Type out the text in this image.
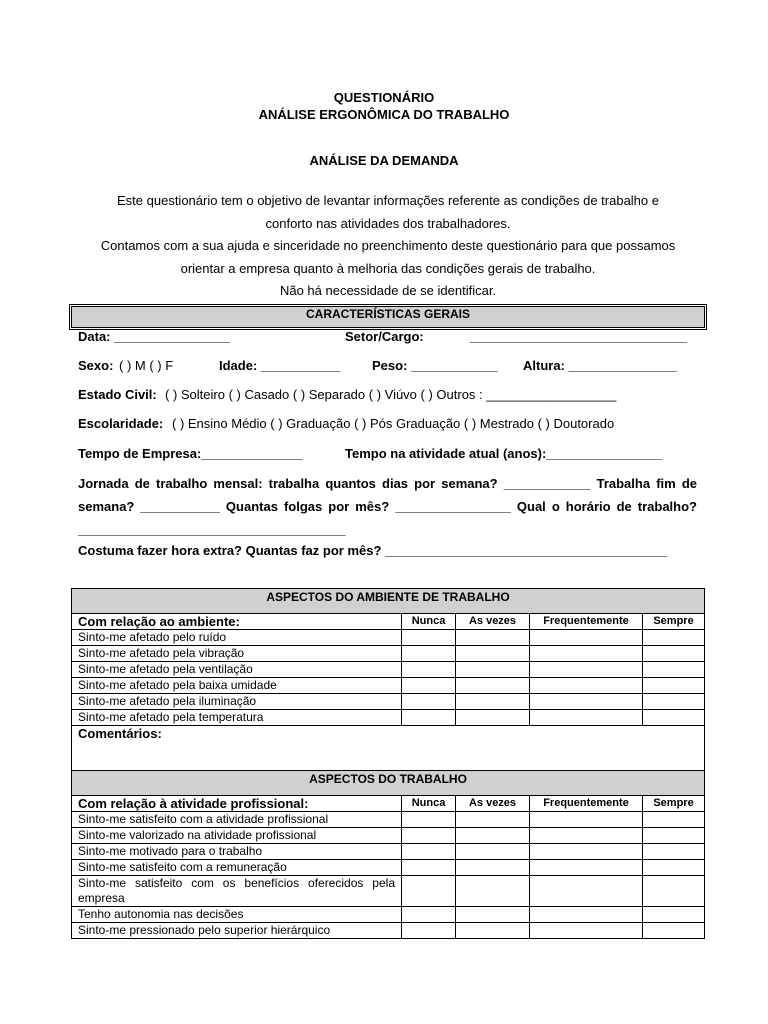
QUESTIONÁRIO
ANÁLISE ERGONÔMICA DO TRABALHO
ANÁLISE DA DEMANDA
Este questionário tem o objetivo de levantar informações referente as condições de trabalho e
conforto nas atividades dos trabalhadores.
Contamos com a sua ajuda e sinceridade no preenchimento deste questionário para que possamos
orientar a empresa quanto à melhoria das condições gerais de trabalho.
Não há necessidade de se identificar.
CARACTERÍSTICAS GERAIS
Data: ________________	Setor/Cargo:	______________________________
Sexo: ( ) M ( ) F	Idade: ___________ Peso: ____________ Altura: _______________
Estado Civil: ( ) Solteiro ( ) Casado ( ) Separado ( ) Viúvo ( ) Outros : __________________
Escolaridade: ( ) Ensino Médio ( ) Graduação ( ) Pós Graduação ( ) Mestrado ( ) Doutorado
Tempo de Empresa:______________	Tempo na atividade atual (anos):________________
Jornada de trabalho mensal: trabalha quantos dias por semana? ____________ Trabalha fim de semana? ___________ Quantas folgas por mês? ________________ Qual o horário de trabalho? _____________________________________
Costuma fazer hora extra? Quantas faz por mês? _______________________________________
ASPECTOS DO AMBIENTE DE TRABALHO				
Com relação ao ambiente:	Nunca	As vezes	Frequentemente	Sempre
Sinto-me afetado pelo ruído				
Sinto-me afetado pela vibração				
Sinto-me afetado pela ventilação				
Sinto-me afetado pela baixa umidade				
Sinto-me afetado pela iluminação				
Sinto-me afetado pela temperatura				
Comentários:				
ASPECTOS DO TRABALHO				
Com relação à atividade profissional:	Nunca	As vezes	Frequentemente	Sempre
Sinto-me satisfeito com a atividade profissional				
Sinto-me valorizado na atividade profissional				
Sinto-me motivado para o trabalho				
Sinto-me satisfeito com a remuneração				
Sinto-me satisfeito com os benefícios oferecidos pela empresa				
Tenho autonomia nas decisões				
Sinto-me pressionado pelo superior hierárquico				
